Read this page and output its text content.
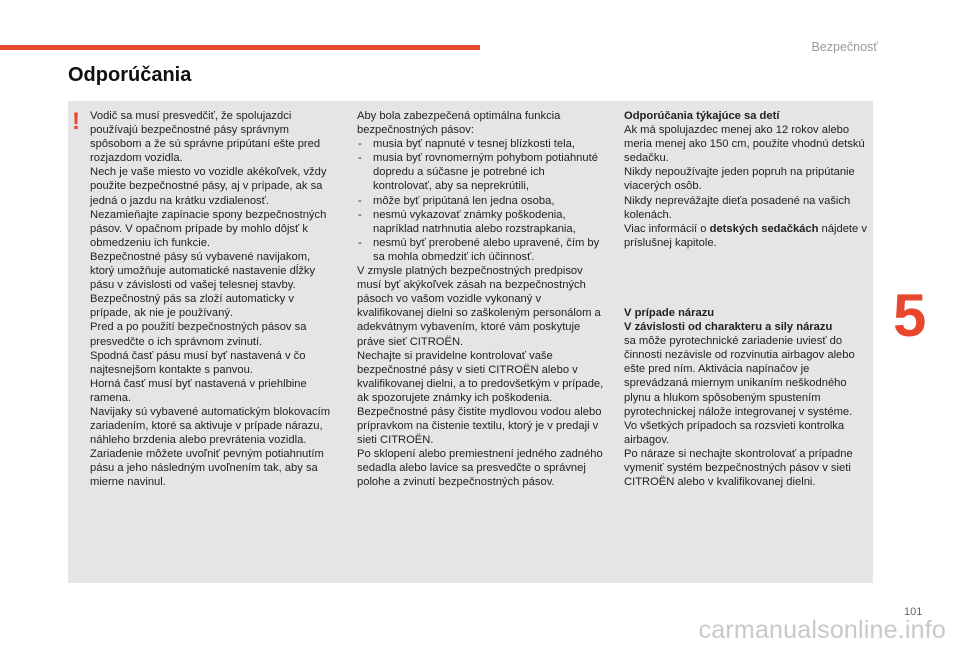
Bezpečnosť
5
Odporúčania
! Vodič sa musí presvedčiť, že spolujazdci používajú bezpečnostné pásy správnym spôsobom a že sú správne pripútaní ešte pred rozjazdom vozidla.

Nech je vaše miesto vo vozidle akékoľvek, vždy použite bezpečnostné pásy, aj v prípade, ak sa jedná o jazdu na krátku vzdialenosť.

Nezamieňajte zapínacie spony bezpečnostných pásov. V opačnom prípade by mohlo dôjsť k obmedzeniu ich funkcie.

Bezpečnostné pásy sú vybavené navijakom, ktorý umožňuje automatické nastavenie dĺžky pásu v závislosti od vašej telesnej stavby. Bezpečnostný pás sa zloží automaticky v prípade, ak nie je používaný.

Pred a po použití bezpečnostných pásov sa presvedčte o ich správnom zvinutí.

Spodná časť pásu musí byť nastavená v čo najtesnejšom kontakte s panvou.

Horná časť musí byť nastavená v priehlbine ramena.

Navijaky sú vybavené automatickým blokovacím zariadením, ktoré sa aktivuje v prípade nárazu, náhleho brzdenia alebo prevrátenia vozidla. Zariadenie môžete uvoľniť pevným potiahnutím pásu a jeho následným uvoľnením tak, aby sa mierne navinul.

Aby bola zabezpečená optimálna funkcia bezpečnostných pásov:

- musia byť napnuté v tesnej blízkosti tela,
- musia byť rovnomerným pohybom potiahnuté dopredu a súčasne je potrebné ich kontrolovať, aby sa neprekrútili,
- môže byť pripútaná len jedna osoba,
- nesmú vykazovať známky poškodenia, napríklad natrhnutia alebo rozstrapkania,
- nesmú byť prerobené alebo upravené, čím by sa mohla obmedziť ich účinnosť.

V zmysle platných bezpečnostných predpisov musí byť akýkoľvek zásah na bezpečnostných pásoch vo vašom vozidle vykonaný v kvalifikovanej dielni so zaškoleným personálom a adekvátnym vybavením, ktoré vám poskytuje práve sieť CITROËN.

Nechajte si pravidelne kontrolovať vaše bezpečnostné pásy v sieti CITROËN alebo v kvalifikovanej dielni, a to predovšetkým v prípade, ak spozorujete známky ich poškodenia.

Bezpečnostné pásy čistite mydlovou vodou alebo prípravkom na čistenie textilu, ktorý je v predaji v sieti CITROËN.

Po sklopení alebo premiestnení jedného zadného sedadla alebo lavice sa presvedčte o správnej polohe a zvinutí bezpečnostných pásov.

Odporúčania týkajúce sa detí

Ak má spolujazdec menej ako 12 rokov alebo meria menej ako 150 cm, použite vhodnú detskú sedačku.

Nikdy nepoužívajte jeden popruh na pripútanie viacerých osôb.

Nikdy neprevážajte dieťa posadené na vašich kolenách.

Viac informácií o detských sedačkách nájdete v príslušnej kapitole.

V prípade nárazu

V závislosti od charakteru a sily nárazu

sa môže pyrotechnické zariadenie uviesť do činnosti nezávisle od rozvinutia airbagov alebo ešte pred ním. Aktivácia napínačov je sprevádzaná miernym unikaním neškodného plynu a hlukom spôsobeným spustením pyrotechnickej náložе integrovanej v systéme.

Vo všetkých prípadoch sa rozsvieti kontrolka airbagov.

Po náraze si nechajte skontrolovať a prípadne vymeniť systém bezpečnostných pásov v sieti CITROËN alebo v kvalifikovanej dielni.

101
carmanualsonline.info
